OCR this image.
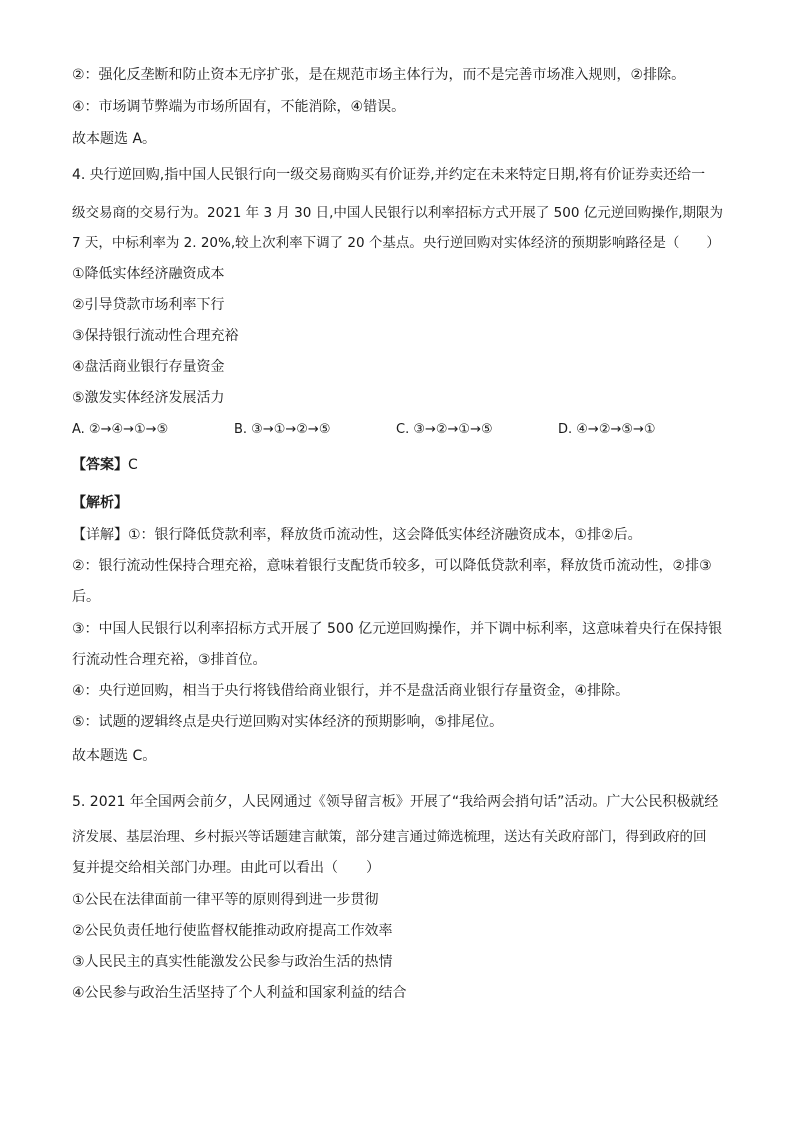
②：强化反垄断和防止资本无序扩张，是在规范市场主体行为，而不是完善市场准入规则，②排除。
④：市场调节弊端为市场所固有，不能消除，④错误。
故本题选 A。
4. 央行逆回购,指中国人民银行向一级交易商购买有价证券,并约定在未来特定日期,将有价证券卖还给一
级交易商的交易行为。2021 年 3 月 30 日,中国人民银行以利率招标方式开展了 500 亿元逆回购操作,期限为
7 天，中标利率为 2. 20%,较上次利率下调了 20 个基点。央行逆回购对实体经济的预期影响路径是（　　）
①降低实体经济融资成本
②引导贷款市场利率下行
③保持银行流动性合理充裕
④盘活商业银行存量资金
⑤激发实体经济发展活力
A. ②→④→①→⑤	B. ③→①→②→⑤	C. ③→②→①→⑤	D. ④→②→⑤→①
【答案】C
【解析】
【详解】①：银行降低贷款利率，释放货币流动性，这会降低实体经济融资成本，①排②后。
②：银行流动性保持合理充裕，意味着银行支配货币较多，可以降低贷款利率，释放货币流动性，②排③
后。
③：中国人民银行以利率招标方式开展了 500 亿元逆回购操作，并下调中标利率，这意味着央行在保持银
行流动性合理充裕，③排首位。
④：央行逆回购，相当于央行将钱借给商业银行，并不是盘活商业银行存量资金，④排除。
⑤：试题的逻辑终点是央行逆回购对实体经济的预期影响，⑤排尾位。
故本题选 C。
5. 2021 年全国两会前夕，人民网通过《领导留言板》开展了“我给两会捎句话”活动。广大公民积极就经
济发展、基层治理、乡村振兴等话题建言献策，部分建言通过筛选梳理，送达有关政府部门，得到政府的回
复并提交给相关部门办理。由此可以看出（　　）
①公民在法律面前一律平等的原则得到进一步贯彻
②公民负责任地行使监督权能推动政府提高工作效率
③人民民主的真实性能激发公民参与政治生活的热情
④公民参与政治生活坚持了个人利益和国家利益的结合
